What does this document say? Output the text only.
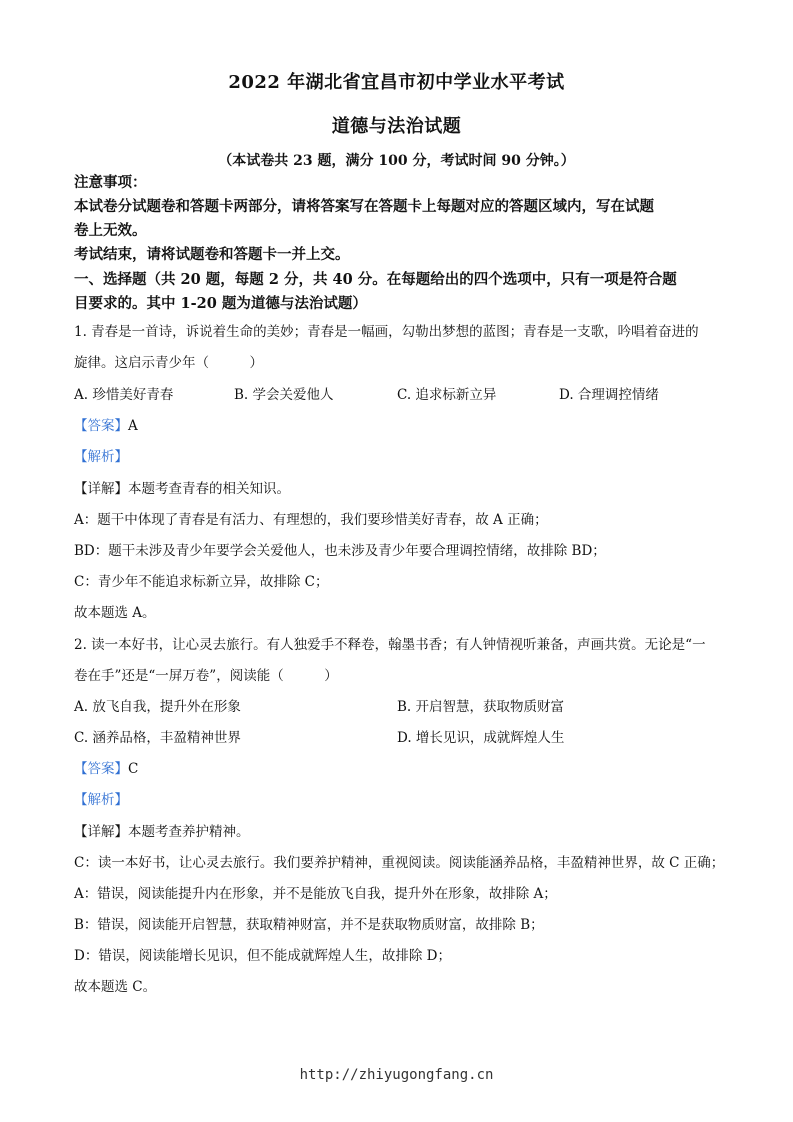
2022 年湖北省宜昌市初中学业水平考试
道德与法治试题
（本试卷共 23 题，满分 100 分，考试时间 90 分钟。）
注意事项：
本试卷分试题卷和答题卡两部分，请将答案写在答题卡上每题对应的答题区域内，写在试题
卷上无效。
考试结束，请将试题卷和答题卡一并上交。
一、选择题（共 20 题，每题 2 分，共 40 分。在每题给出的四个选项中，只有一项是符合题
目要求的。其中 1-20 题为道德与法治试题）
1. 青春是一首诗，诉说着生命的美妙；青春是一幅画，勾勒出梦想的蓝图；青春是一支歌，吟唱着奋进的
旋律。这启示青少年（　　　）
A. 珍惜美好青春	B. 学会关爱他人	C. 追求标新立异	D. 合理调控情绪
【答案】A
【解析】
【详解】本题考查青春的相关知识。
A：题干中体现了青春是有活力、有理想的，我们要珍惜美好青春，故 A 正确；
BD：题干未涉及青少年要学会关爱他人，也未涉及青少年要合理调控情绪，故排除 BD；
C：青少年不能追求标新立异，故排除 C；
故本题选 A。
2. 读一本好书，让心灵去旅行。有人独爱手不释卷，翰墨书香；有人钟情视听兼备，声画共赏。无论是“一
卷在手”还是“一屏万卷”，阅读能（　　　）
A. 放飞自我，提升外在形象	B. 开启智慧，获取物质财富
C. 涵养品格，丰盈精神世界	D. 增长见识，成就辉煌人生
【答案】C
【解析】
【详解】本题考查养护精神。
C：读一本好书，让心灵去旅行。我们要养护精神，重视阅读。阅读能涵养品格，丰盈精神世界，故 C 正确；
A：错误，阅读能提升内在形象，并不是能放飞自我，提升外在形象，故排除 A；
B：错误，阅读能开启智慧，获取精神财富，并不是获取物质财富，故排除 B；
D：错误，阅读能增长见识，但不能成就辉煌人生，故排除 D；
故本题选 C。
http://zhiyugongfang.cn
